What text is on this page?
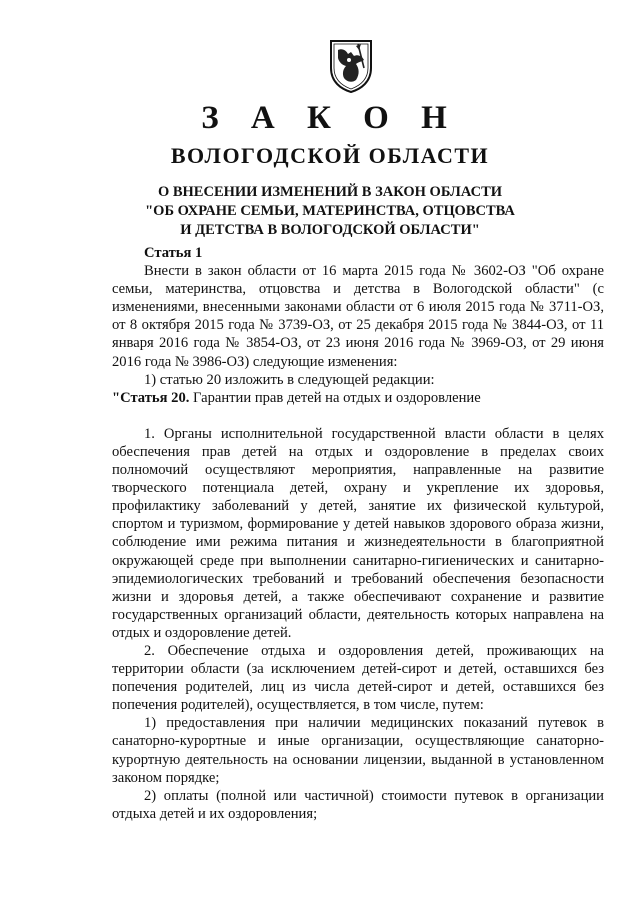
З А К О Н
ВОЛОГОДСКОЙ ОБЛАСТИ
О ВНЕСЕНИИ ИЗМЕНЕНИЙ В ЗАКОН ОБЛАСТИ
"ОБ ОХРАНЕ СЕМЬИ, МАТЕРИНСТВА, ОТЦОВСТВА
И ДЕТСТВА В ВОЛОГОДСКОЙ ОБЛАСТИ"

Статья 1

Внести в закон области от 16 марта 2015 года № 3602-ОЗ "Об охране семьи, материнства, отцовства и детства в Вологодской области" (с изменениями, внесенными законами области от 6 июля 2015 года № 3711-ОЗ, от 8 октября 2015 года № 3739-ОЗ, от 25 декабря 2015 года № 3844-ОЗ, от 11 января 2016 года № 3854-ОЗ, от 23 июня 2016 года № 3969-ОЗ, от 29 июня 2016 года № 3986-ОЗ) следующие изменения:

1) статью 20 изложить в следующей редакции:

"Статья 20. Гарантии прав детей на отдых и оздоровление

1. Органы исполнительной государственной власти области в целях обеспечения прав детей на отдых и оздоровление в пределах своих полномочий осуществляют мероприятия, направленные на развитие творческого потенциала детей, охрану и укрепление их здоровья, профилактику заболеваний у детей, занятие их физической культурой, спортом и туризмом, формирование у детей навыков здорового образа жизни, соблюдение ими режима питания и жизнедеятельности в благоприятной окружающей среде при выполнении санитарно-гигиенических и санитарно-эпидемиологических требований и требований обеспечения безопасности жизни и здоровья детей, а также обеспечивают сохранение и развитие государственных организаций области, деятельность которых направлена на отдых и оздоровление детей.

2. Обеспечение отдыха и оздоровления детей, проживающих на территории области (за исключением детей-сирот и детей, оставшихся без попечения родителей, лиц из числа детей-сирот и детей, оставшихся без попечения родителей), осуществляется, в том числе, путем:

1) предоставления при наличии медицинских показаний путевок в санаторно-курортные и иные организации, осуществляющие санаторно-курортную деятельность на основании лицензии, выданной в установленном законом порядке;

2) оплаты (полной или частичной) стоимости путевок в организации отдыха детей и их оздоровления;
